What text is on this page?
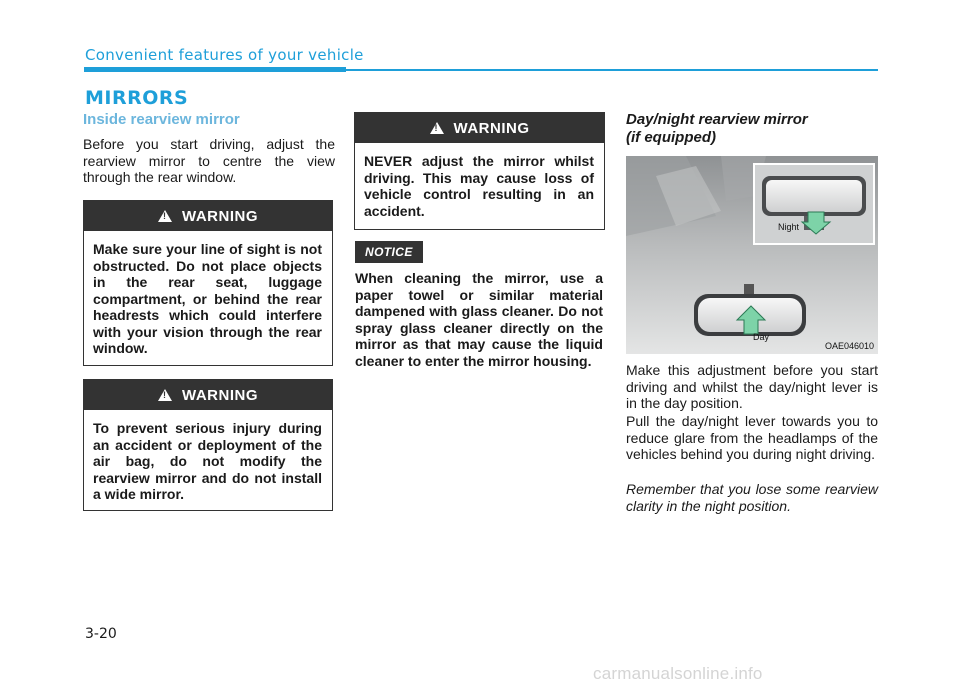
Convenient features of your vehicle
MIRRORS
Inside rearview mirror
Before you start driving, adjust the rearview mirror to centre the view through the rear window.
!
WARNING
Make sure your line of sight is not obstructed. Do not place objects in the rear seat, luggage compartment, or behind the rear headrests which could interfere with your vision through the rear window.
!
WARNING
To prevent serious injury during an accident or deployment of the air bag, do not modify the rearview mirror and do not install a wide mirror.
!
WARNING
NEVER adjust the mirror whilst driving. This may cause loss of vehicle control resulting in an accident.
NOTICE
When cleaning the mirror, use a paper towel or similar material dampened with glass cleaner. Do not spray glass cleaner directly on the mirror as that may cause the liquid cleaner to enter the mirror housing.
Day/night rearview mirror
(if equipped)
Night
Day
OAE046010
Make this adjustment before you start driving and whilst the day/night lever is in the day position.
Pull the day/night lever towards you to reduce glare from the headlamps of the vehicles behind you during night driving.
Remember that you lose some rearview clarity in the night position.
3-20
carmanualsonline.info
